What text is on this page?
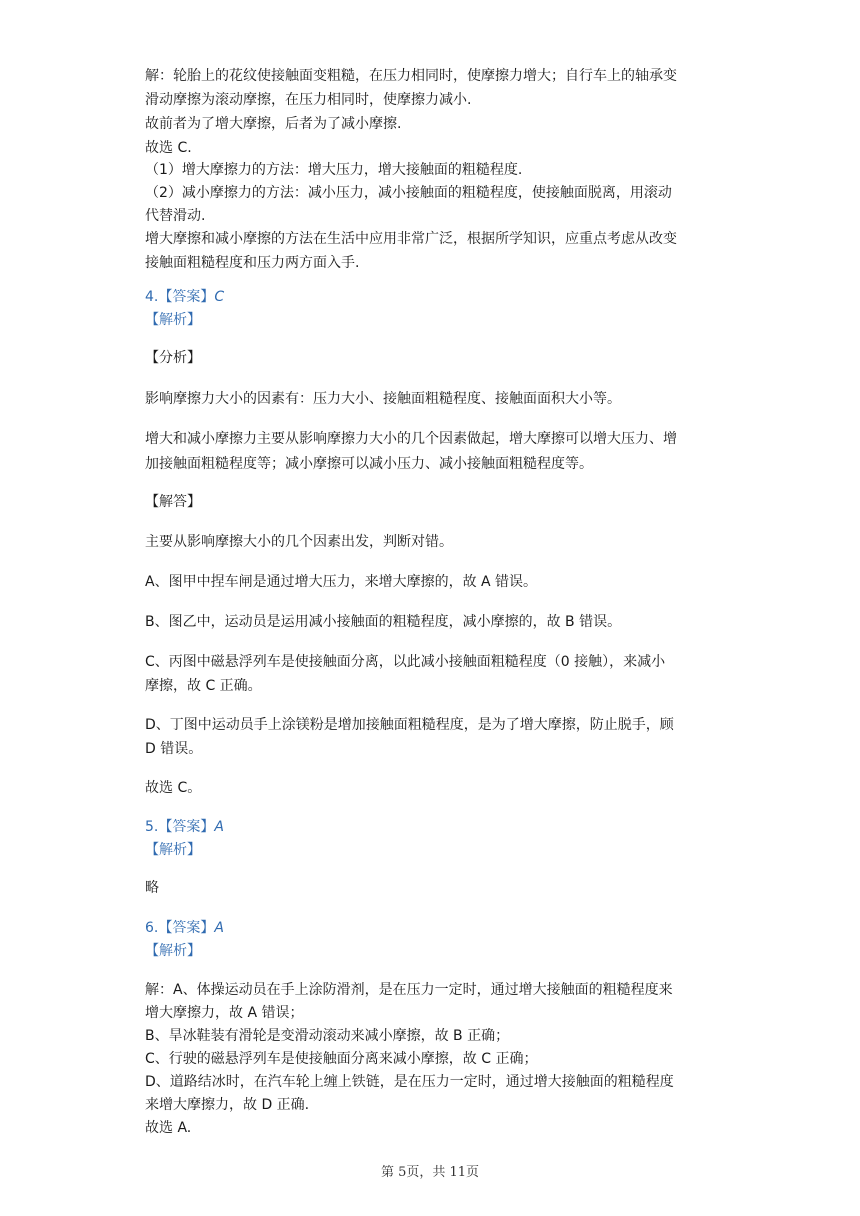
解：轮胎上的花纹使接触面变粗糙，在压力相同时，使摩擦力增大；自行车上的轴承变
滑动摩擦为滚动摩擦，在压力相同时，使摩擦力减小.
故前者为了增大摩擦，后者为了减小摩擦.
故选 C.
（1）增大摩擦力的方法：增大压力，增大接触面的粗糙程度.
（2）减小摩擦力的方法：减小压力，减小接触面的粗糙程度，使接触面脱离，用滚动
代替滑动.
增大摩擦和减小摩擦的方法在生活中应用非常广泛，根据所学知识，应重点考虑从改变
接触面粗糙程度和压力两方面入手.
4.【答案】C
【解析】
【分析】
影响摩擦力大小的因素有：压力大小、接触面粗糙程度、接触面面积大小等。
增大和减小摩擦力主要从影响摩擦力大小的几个因素做起，增大摩擦可以增大压力、增
加接触面粗糙程度等；减小摩擦可以减小压力、减小接触面粗糙程度等。
【解答】
主要从影响摩擦大小的几个因素出发，判断对错。
A、图甲中捏车闸是通过增大压力，来增大摩擦的，故 A 错误。
B、图乙中，运动员是运用减小接触面的粗糙程度，减小摩擦的，故 B 错误。
C、丙图中磁悬浮列车是使接触面分离，以此减小接触面粗糙程度（0 接触），来减小
摩擦，故 C 正确。
D、丁图中运动员手上涂镁粉是增加接触面粗糙程度，是为了增大摩擦，防止脱手，顾
D 错误。
故选 C。
5.【答案】A
【解析】
略
6.【答案】A
【解析】
解：A、体操运动员在手上涂防滑剂，是在压力一定时，通过增大接触面的粗糙程度来
增大摩擦力，故 A 错误；
B、旱冰鞋装有滑轮是变滑动滚动来减小摩擦，故 B 正确；
C、行驶的磁悬浮列车是使接触面分离来减小摩擦，故 C 正确；
D、道路结冰时，在汽车轮上缠上铁链，是在压力一定时，通过增大接触面的粗糙程度
来增大摩擦力，故 D 正确.
故选 A.
第 5页，共 11页
